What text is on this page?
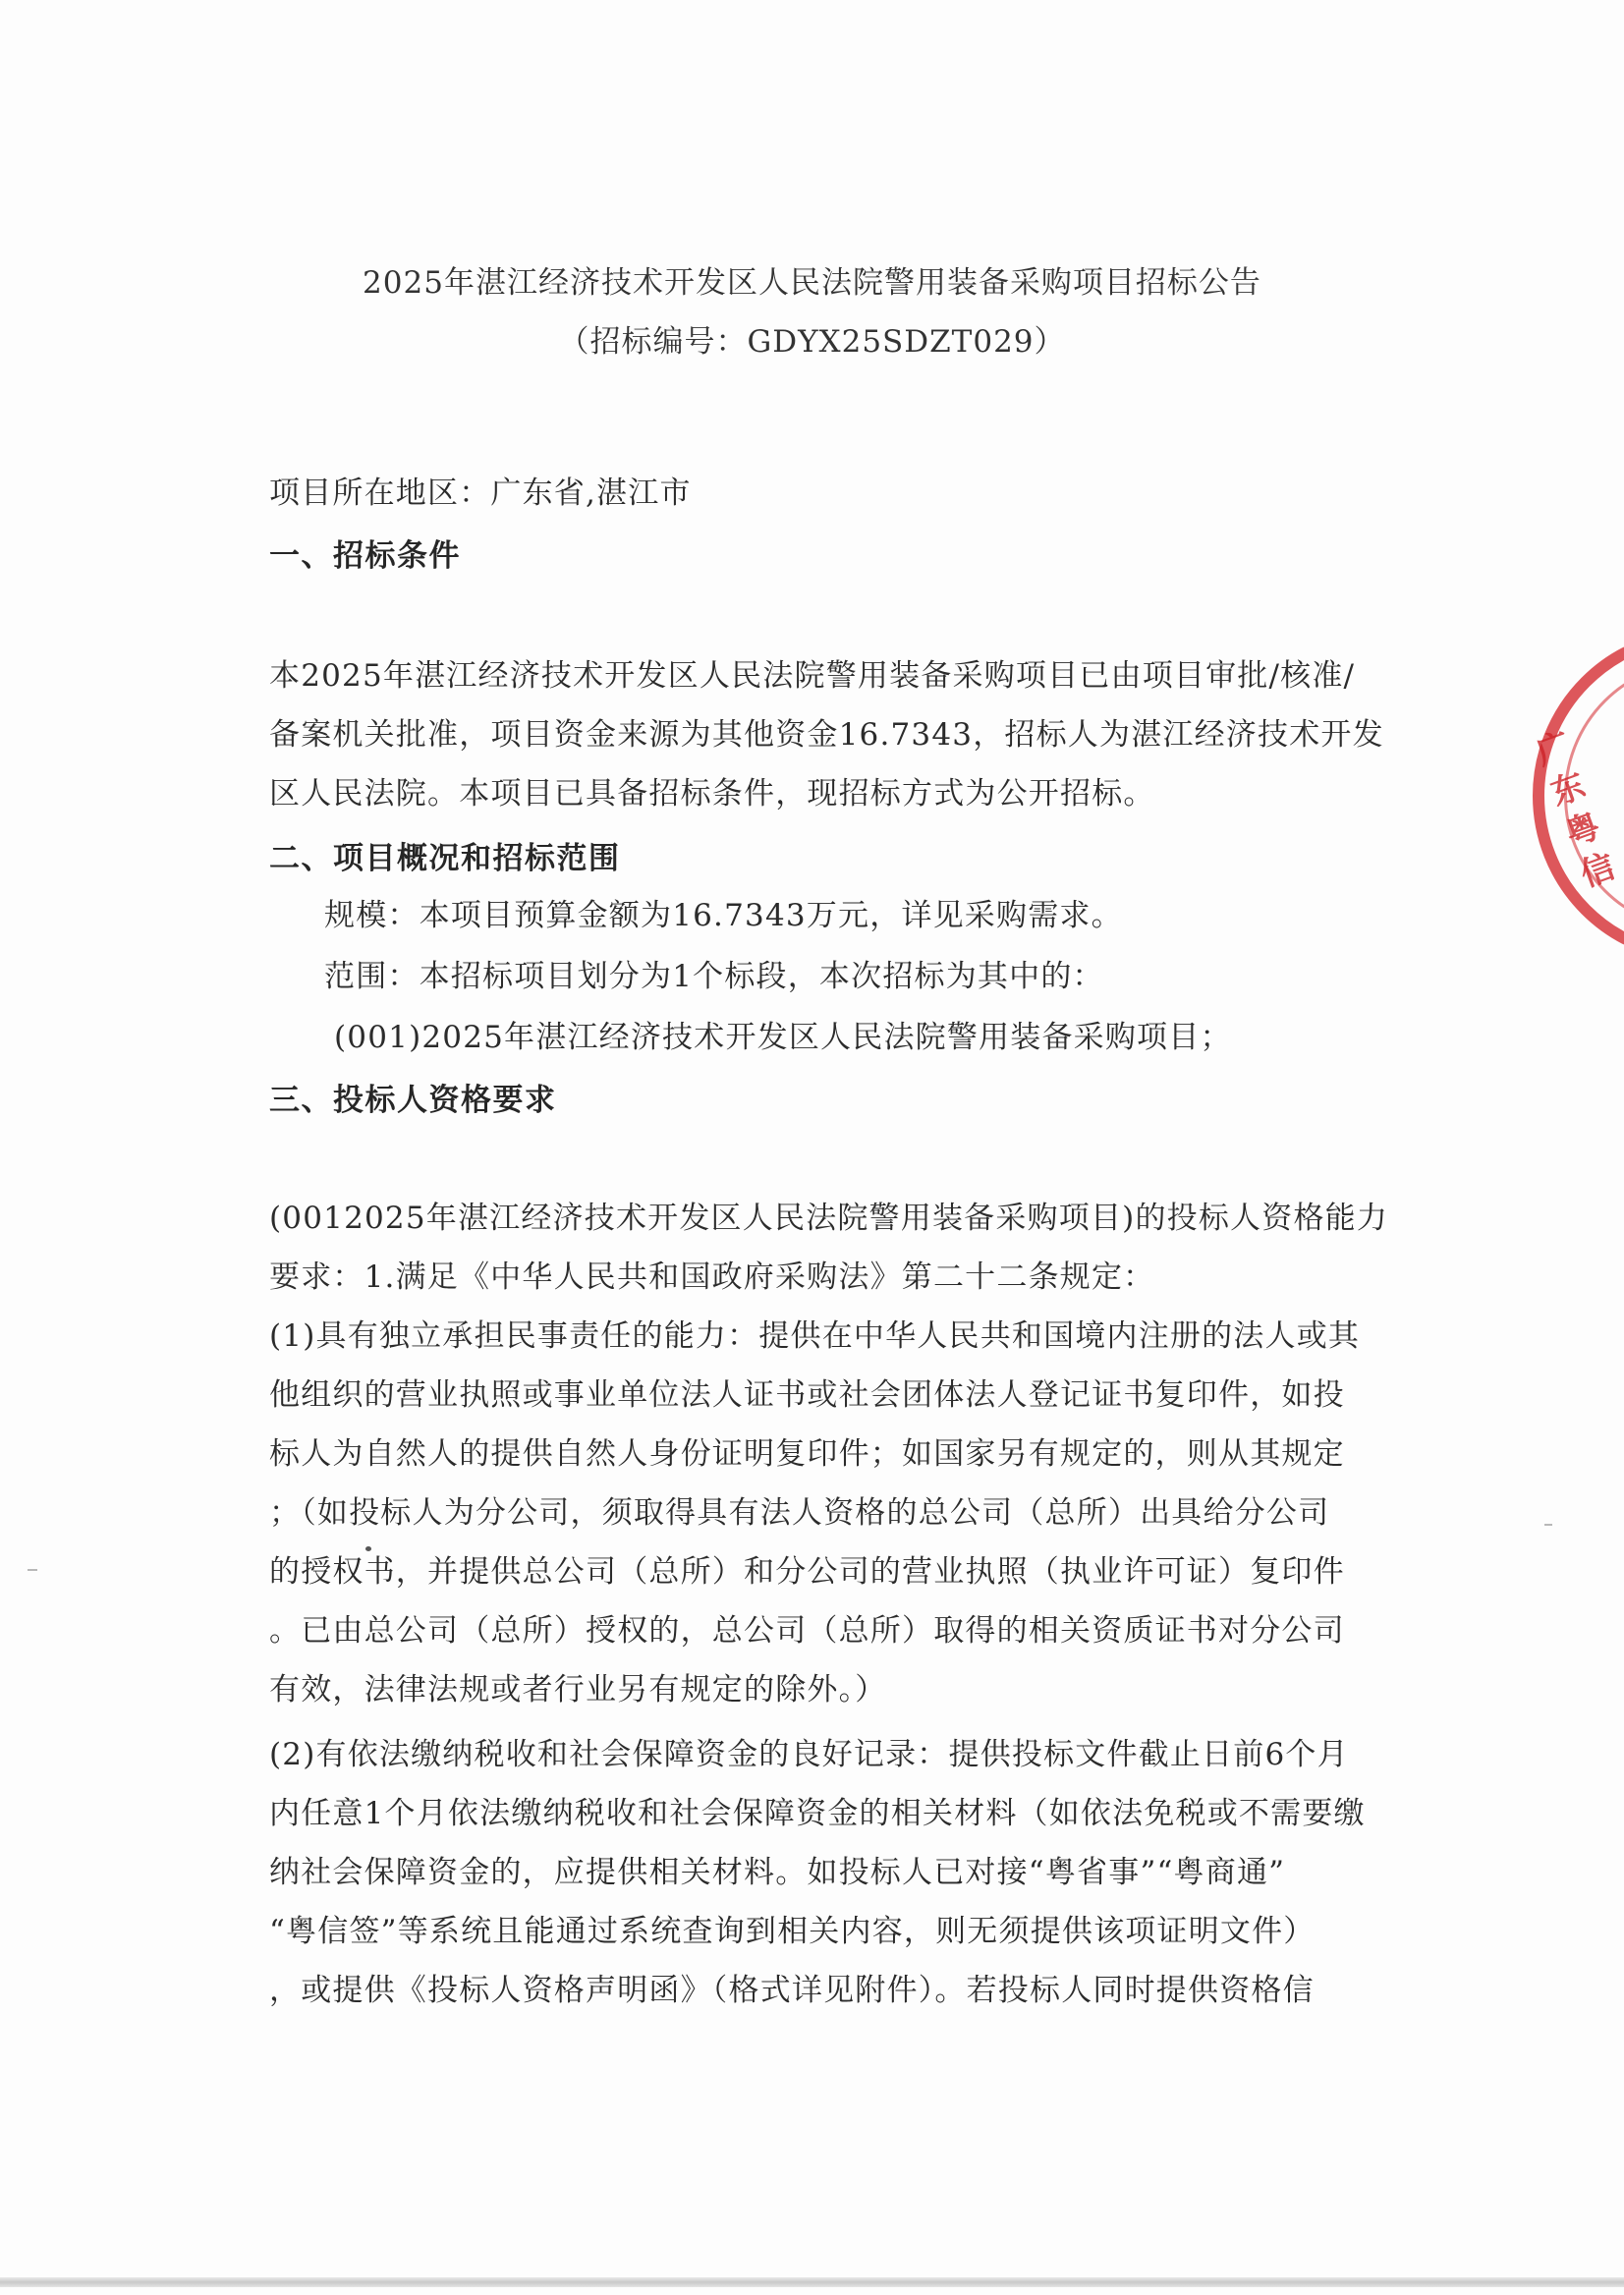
2025年湛江经济技术开发区人民法院警用装备采购项目招标公告
（招标编号：GDYX25SDZT029）
项目所在地区：广东省,湛江市
一、招标条件
本2025年湛江经济技术开发区人民法院警用装备采购项目已由项目审批/核准/
备案机关批准，项目资金来源为其他资金16.7343，招标人为湛江经济技术开发
区人民法院。本项目已具备招标条件，现招标方式为公开招标。
二、项目概况和招标范围
规模：本项目预算金额为16.7343万元，详见采购需求。
范围：本招标项目划分为1个标段，本次招标为其中的：
(001)2025年湛江经济技术开发区人民法院警用装备采购项目；
三、投标人资格要求
(0012025年湛江经济技术开发区人民法院警用装备采购项目)的投标人资格能力
要求：1.满足《中华人民共和国政府采购法》第二十二条规定：
(1)具有独立承担民事责任的能力：提供在中华人民共和国境内注册的法人或其
他组织的营业执照或事业单位法人证书或社会团体法人登记证书复印件，如投
标人为自然人的提供自然人身份证明复印件；如国家另有规定的，则从其规定
；（如投标人为分公司，须取得具有法人资格的总公司（总所）出具给分公司
的授权书，并提供总公司（总所）和分公司的营业执照（执业许可证）复印件
。已由总公司（总所）授权的，总公司（总所）取得的相关资质证书对分公司
有效，法律法规或者行业另有规定的除外。）
(2)有依法缴纳税收和社会保障资金的良好记录：提供投标文件截止日前6个月
内任意1个月依法缴纳税收和社会保障资金的相关材料（如依法免税或不需要缴
纳社会保障资金的，应提供相关材料。如投标人已对接“粤省事”“粤商通”
“粤信签”等系统且能通过系统查询到相关内容，则无须提供该项证明文件）
，或提供《投标人资格声明函》（格式详见附件）。若投标人同时提供资格信
广东粤信
